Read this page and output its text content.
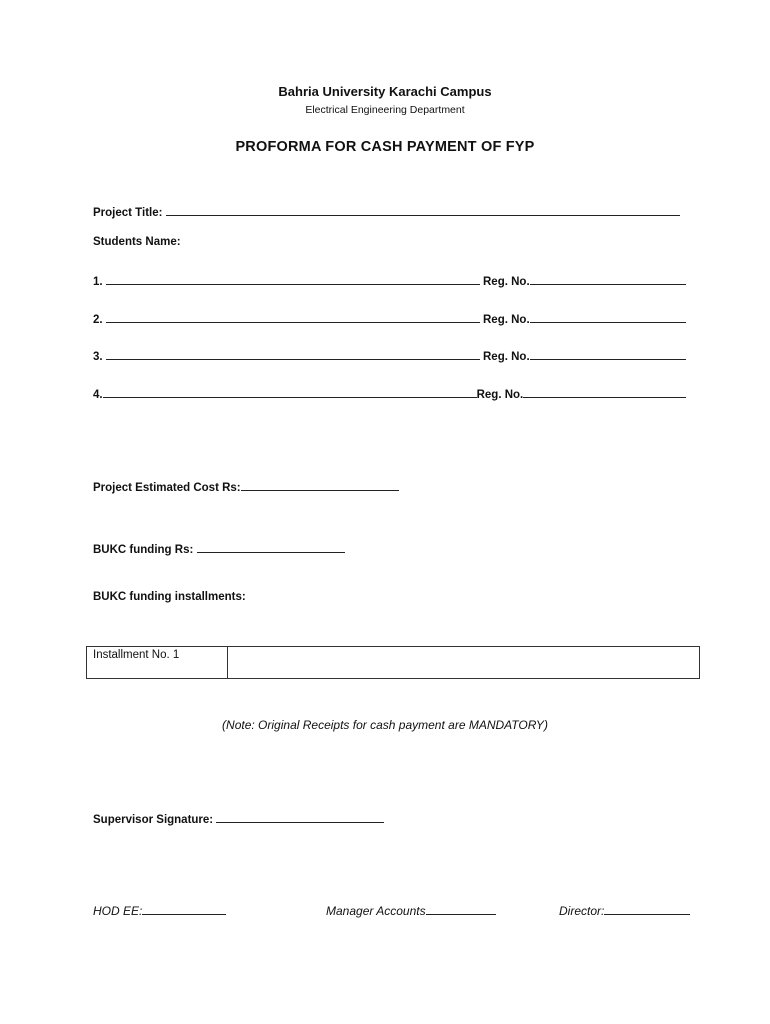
Bahria University Karachi Campus
Electrical Engineering Department
PROFORMA FOR CASH PAYMENT OF FYP
Project Title:
Students Name:
1.	Reg. No.
2.	Reg. No.
3.	Reg. No.
4.	Reg. No.
Project Estimated Cost Rs:
BUKC funding Rs:
BUKC funding installments:
Installment No. 1	
(Note: Original Receipts for cash payment are MANDATORY)
Supervisor Signature:
HOD EE:	Manager Accounts	Director:
